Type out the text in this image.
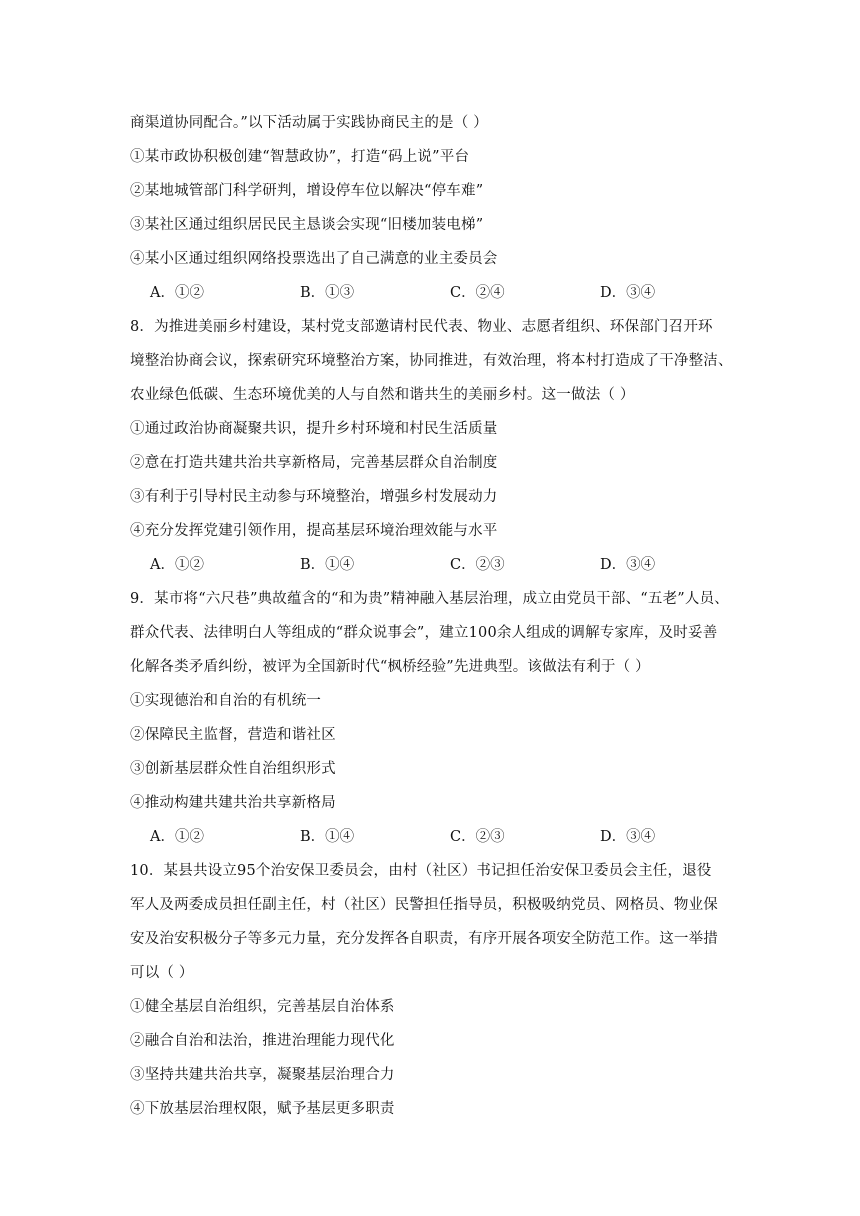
商渠道协同配合。”以下活动属于实践协商民主的是（ ）
①某市政协积极创建“智慧政协”，打造“码上说”平台
②某地城管部门科学研判，增设停车位以解决“停车难”
③某社区通过组织居民民主恳谈会实现“旧楼加装电梯”
④某小区通过组织网络投票选出了自己满意的业主委员会
A．①②	B．①③	C．②④	D．③④
8．为推进美丽乡村建设，某村党支部邀请村民代表、物业、志愿者组织、环保部门召开环
境整治协商会议，探索研究环境整治方案，协同推进，有效治理，将本村打造成了干净整洁、
农业绿色低碳、生态环境优美的人与自然和谐共生的美丽乡村。这一做法（ ）
①通过政治协商凝聚共识，提升乡村环境和村民生活质量
②意在打造共建共治共享新格局，完善基层群众自治制度
③有利于引导村民主动参与环境整治，增强乡村发展动力
④充分发挥党建引领作用，提高基层环境治理效能与水平
A．①②	B．①④	C．②③	D．③④
9．某市将“六尺巷”典故蕴含的“和为贵”精神融入基层治理，成立由党员干部、“五老”人员、
群众代表、法律明白人等组成的“群众说事会”，建立100余人组成的调解专家库，及时妥善
化解各类矛盾纠纷，被评为全国新时代“枫桥经验”先进典型。该做法有利于（ ）
①实现德治和自治的有机统一
②保障民主监督，营造和谐社区
③创新基层群众性自治组织形式
④推动构建共建共治共享新格局
A．①②	B．①④	C．②③	D．③④
10．某县共设立95个治安保卫委员会，由村（社区）书记担任治安保卫委员会主任，退役
军人及两委成员担任副主任，村（社区）民警担任指导员，积极吸纳党员、网格员、物业保
安及治安积极分子等多元力量，充分发挥各自职责，有序开展各项安全防范工作。这一举措
可以（ ）
①健全基层自治组织，完善基层自治体系
②融合自治和法治，推进治理能力现代化
③坚持共建共治共享，凝聚基层治理合力
④下放基层治理权限，赋予基层更多职责
